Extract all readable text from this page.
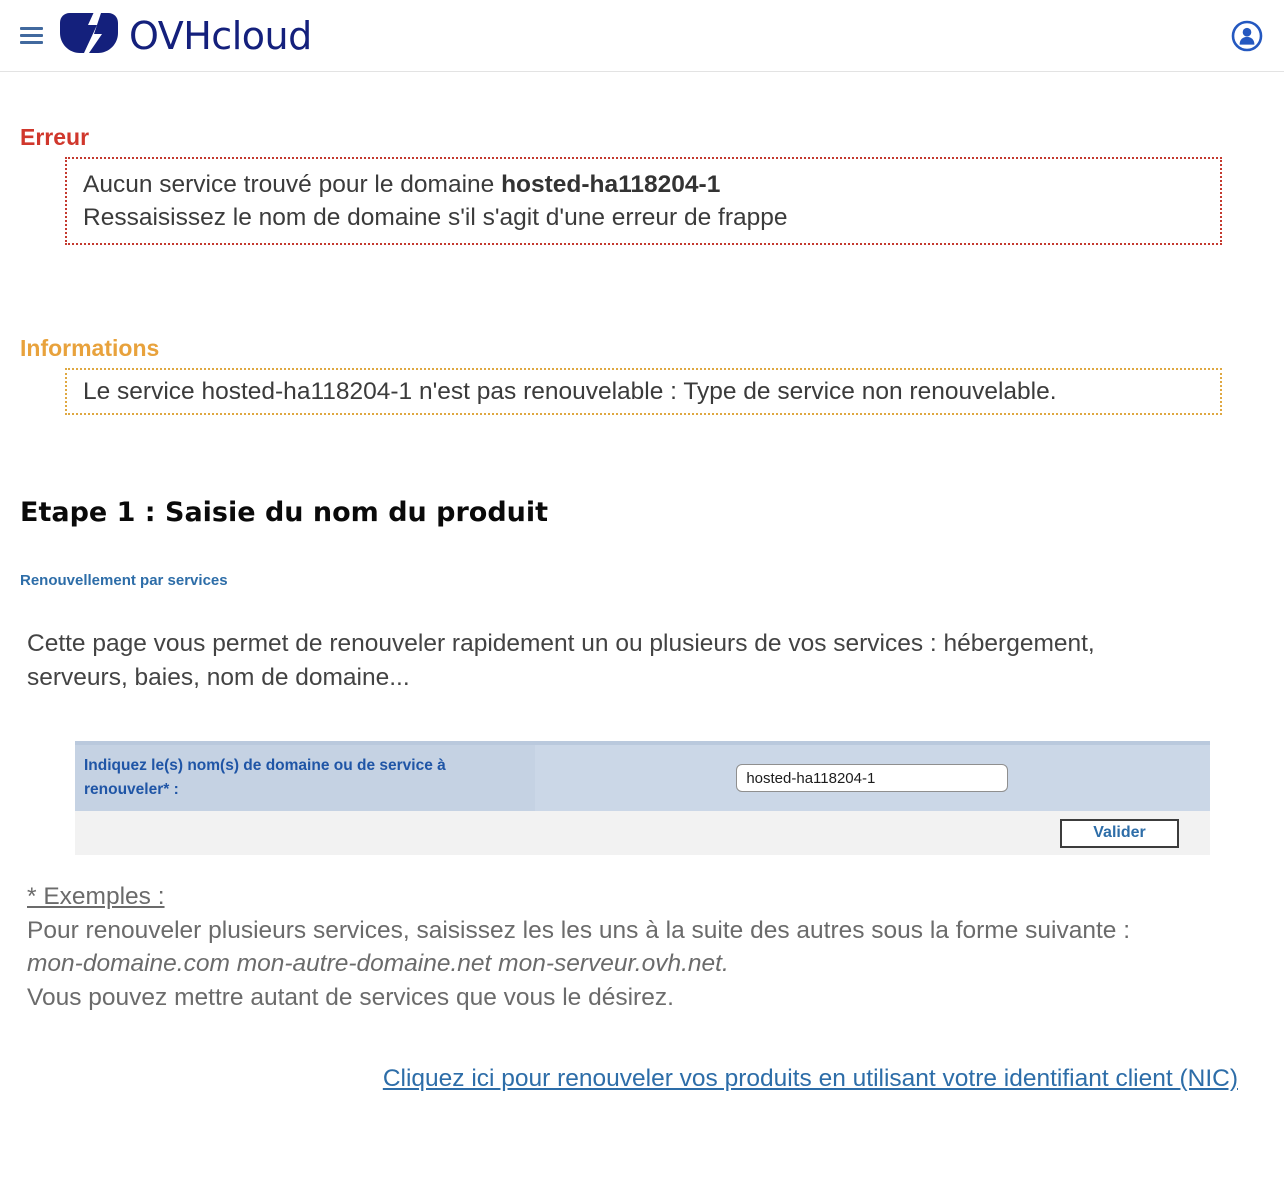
OVHcloud
Erreur
Aucun service trouvé pour le domaine hosted-ha118204-1
Ressaisissez le nom de domaine s'il s'agit d'une erreur de frappe
Informations
Le service hosted-ha118204-1 n'est pas renouvelable : Type de service non renouvelable.
Etape 1 : Saisie du nom du produit
Renouvellement par services

Cette page vous permet de renouveler rapidement un ou plusieurs de vos services : hébergement, serveurs, baies, nom de domaine...

Indiquez le(s) nom(s) de domaine ou de service à renouveler* :
hosted-ha118204-1
Valider
* Exemples :
Pour renouveler plusieurs services, saisissez les les uns à la suite des autres sous la forme suivante :
mon-domaine.com mon-autre-domaine.net mon-serveur.ovh.net.
Vous pouvez mettre autant de services que vous le désirez.
Cliquez ici pour renouveler vos produits en utilisant votre identifiant client (NIC)
